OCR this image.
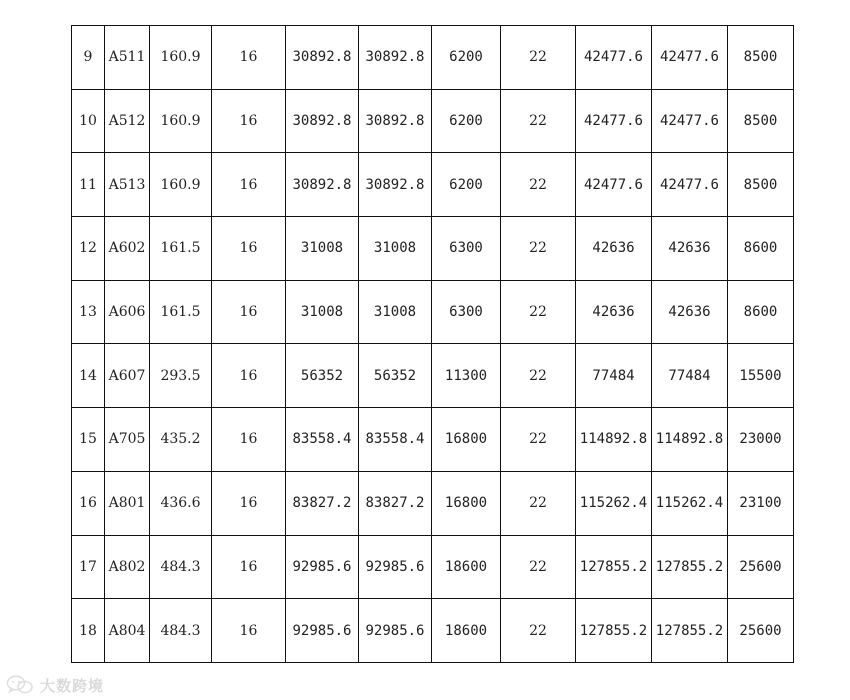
9	A511	160.9	16	30892.8	30892.8	6200	22	42477.6	42477.6	8500
10	A512	160.9	16	30892.8	30892.8	6200	22	42477.6	42477.6	8500
11	A513	160.9	16	30892.8	30892.8	6200	22	42477.6	42477.6	8500
12	A602	161.5	16	31008	31008	6300	22	42636	42636	8600
13	A606	161.5	16	31008	31008	6300	22	42636	42636	8600
14	A607	293.5	16	56352	56352	11300	22	77484	77484	15500
15	A705	435.2	16	83558.4	83558.4	16800	22	114892.8	114892.8	23000
16	A801	436.6	16	83827.2	83827.2	16800	22	115262.4	115262.4	23100
17	A802	484.3	16	92985.6	92985.6	18600	22	127855.2	127855.2	25600
18	A804	484.3	16	92985.6	92985.6	18600	22	127855.2	127855.2	25600
大数跨境
